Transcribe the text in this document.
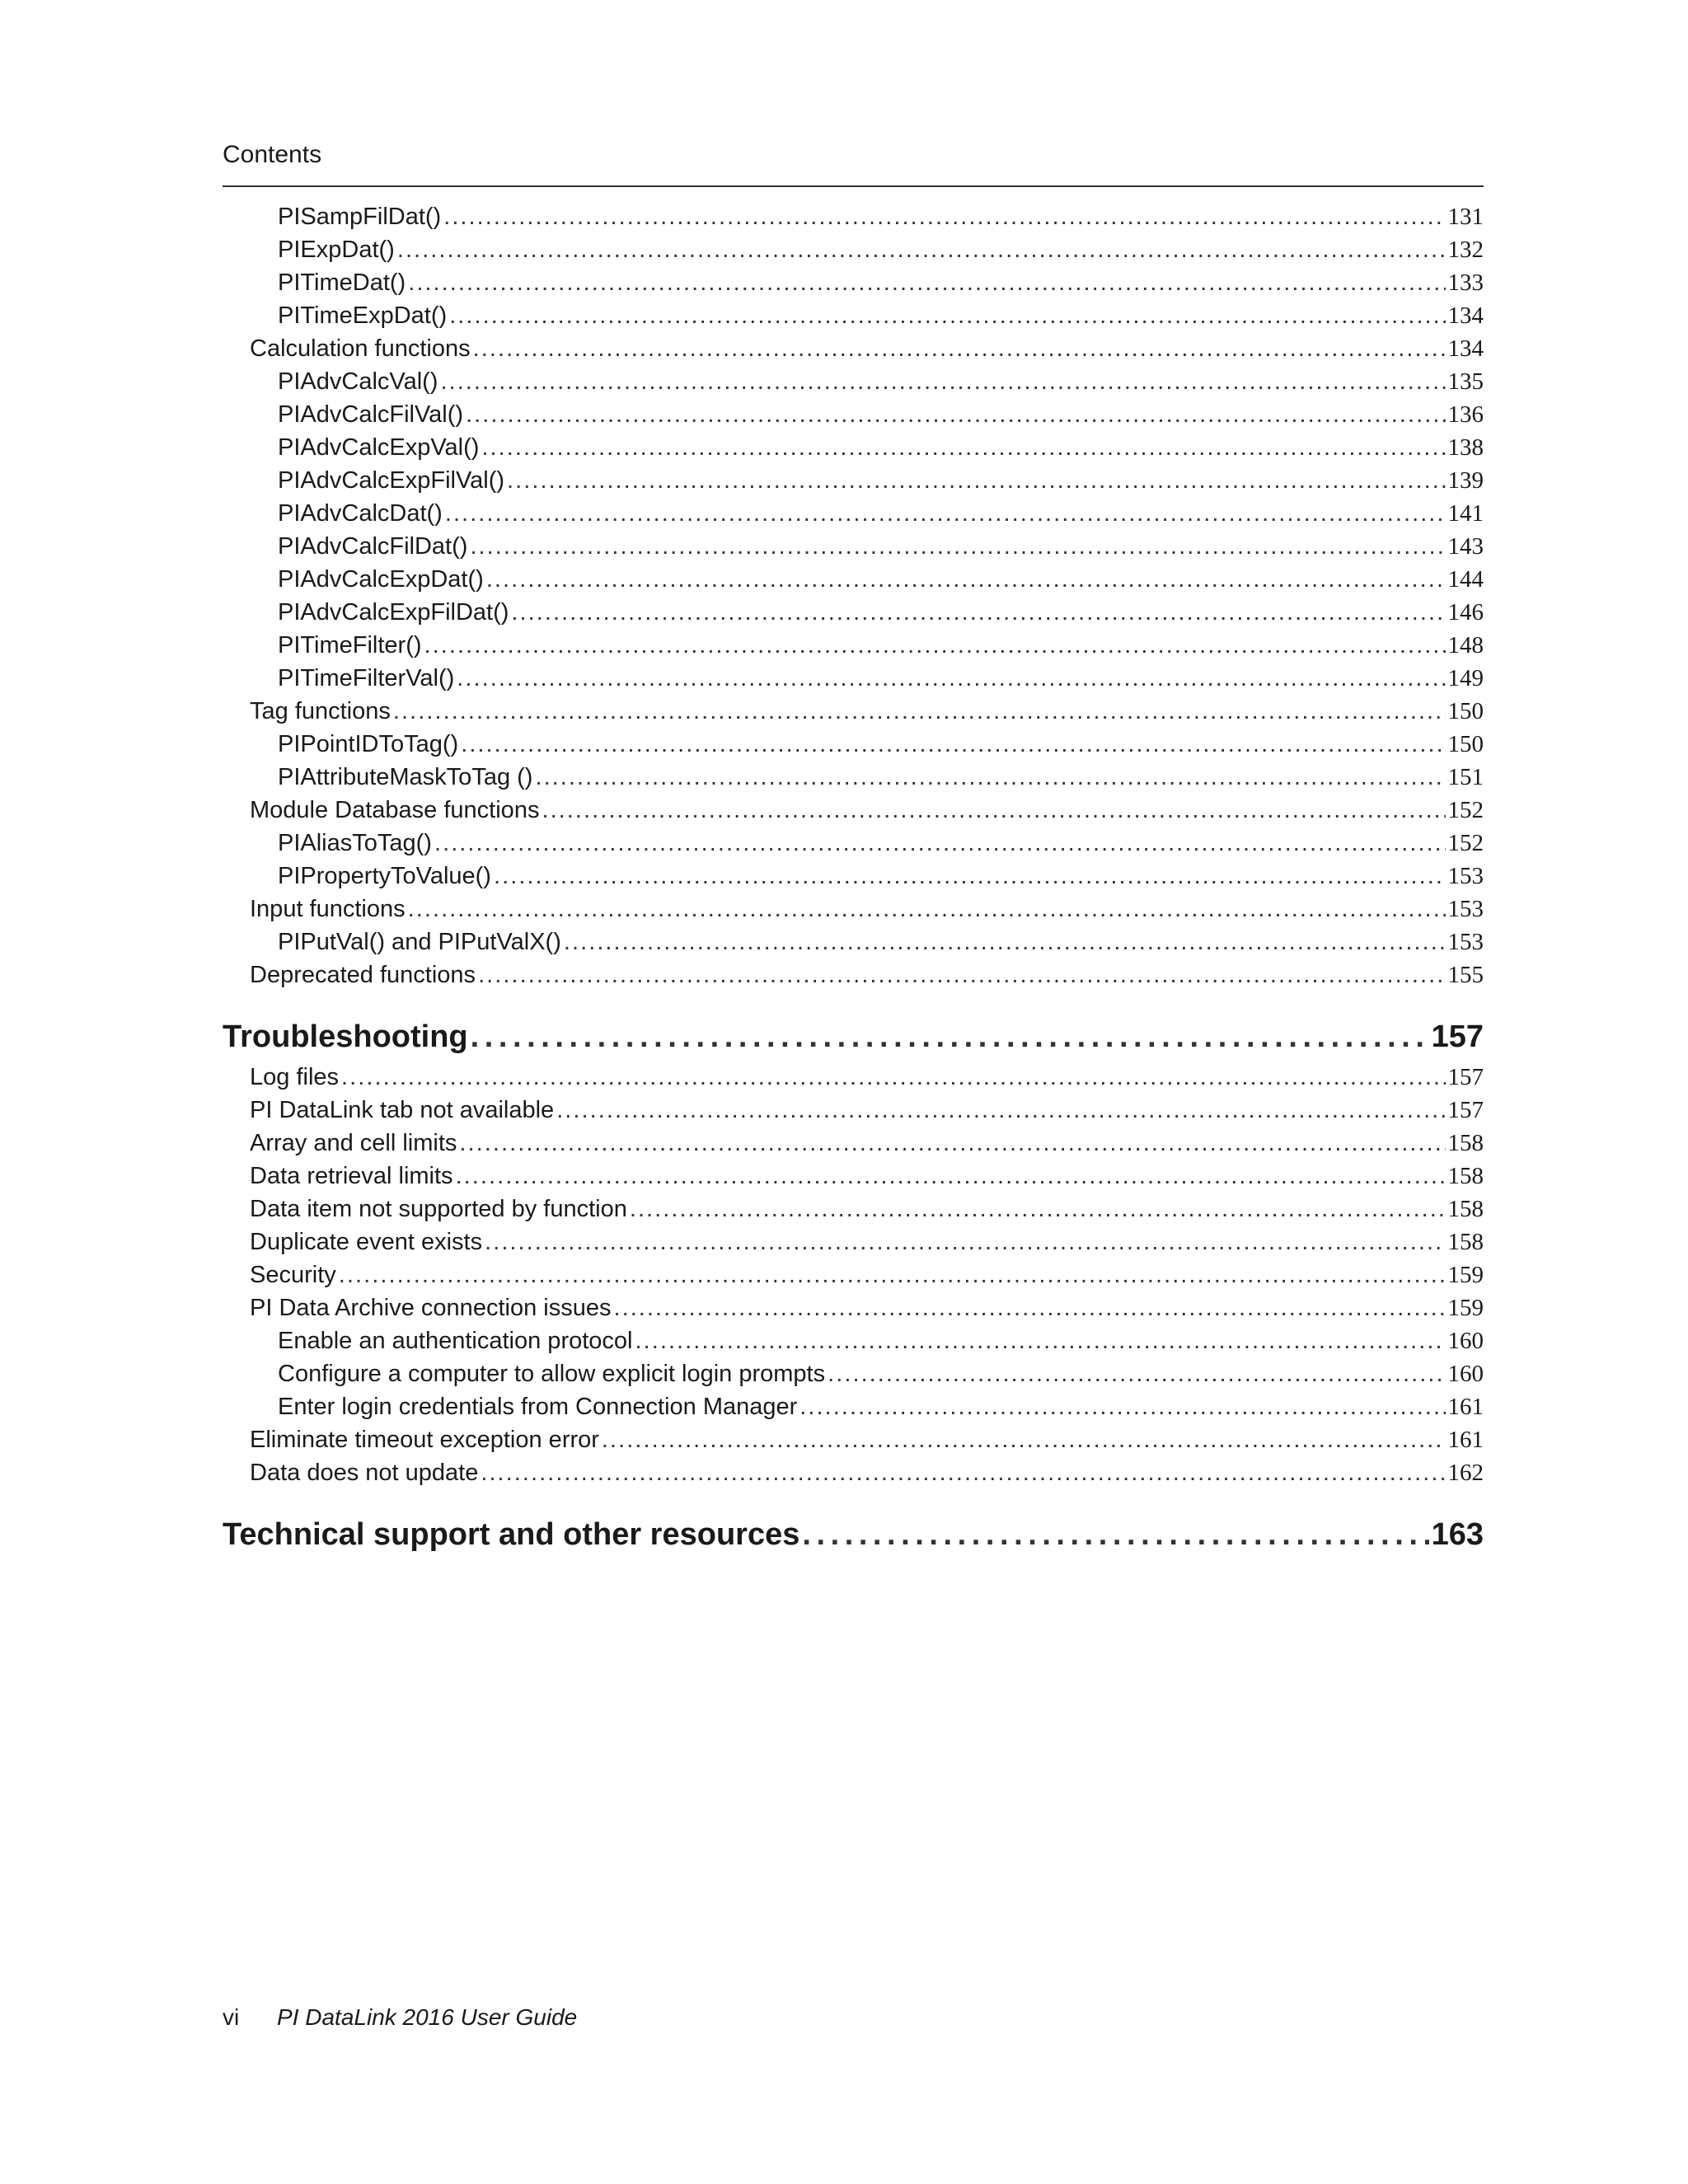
Contents
PISampFilDat() . . .	131
PIExpDat() . . .	132
PITimeDat() . . .	133
PITimeExpDat() . . .	134
Calculation functions . . .	134
PIAdvCalcVal() . . .	135
PIAdvCalcFilVal() . . .	136
PIAdvCalcExpVal() . . .	138
PIAdvCalcExpFilVal() . . .	139
PIAdvCalcDat() . . .	141
PIAdvCalcFilDat() . . .	143
PIAdvCalcExpDat() . . .	144
PIAdvCalcExpFilDat() . . .	146
PITimeFilter() . . .	148
PITimeFilterVal() . . .	149
Tag functions . . .	150
PIPointIDToTag() . . .	150
PIAttributeMaskToTag () . . .	151
Module Database functions . . .	152
PIAliasToTag() . . .	152
PIPropertyToValue() . . .	153
Input functions . . .	153
PIPutVal() and PIPutValX() . . .	153
Deprecated functions . . .	155
Troubleshooting . . .	157
Log files . . .	157
PI DataLink tab not available . . .	157
Array and cell limits . . .	158
Data retrieval limits . . .	158
Data item not supported by function . . .	158
Duplicate event exists . . .	158
Security . . .	159
PI Data Archive connection issues . . .	159
Enable an authentication protocol . . .	160
Configure a computer to allow explicit login prompts . . .	160
Enter login credentials from Connection Manager . . .	161
Eliminate timeout exception error . . .	161
Data does not update . . .	162
Technical support and other resources . . .	163
vi PI DataLink 2016 User Guide
